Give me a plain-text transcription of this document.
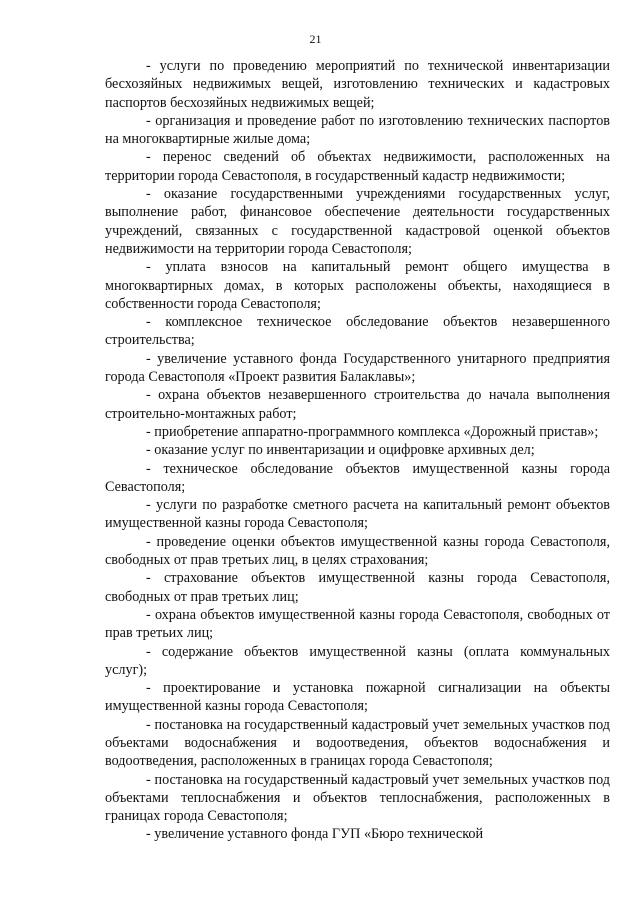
21

- услуги по проведению мероприятий по технической инвентаризации бесхозяйных недвижимых вещей, изготовлению технических и кадастровых паспортов бесхозяйных недвижимых вещей;

- организация и проведение работ по изготовлению технических паспортов на многоквартирные жилые дома;

- перенос сведений об объектах недвижимости, расположенных на территории города Севастополя, в государственный кадастр недвижимости;

- оказание государственными учреждениями государственных услуг, выполнение работ, финансовое обеспечение деятельности государственных учреждений, связанных с государственной кадастровой оценкой объектов недвижимости на территории города Севастополя;

- уплата взносов на капитальный ремонт общего имущества в многоквартирных домах, в которых расположены объекты, находящиеся в собственности города Севастополя;

- комплексное техническое обследование объектов незавершенного строительства;

- увеличение уставного фонда Государственного унитарного предприятия города Севастополя «Проект развития Балаклавы»;

- охрана объектов незавершенного строительства до начала выполнения строительно-монтажных работ;

- приобретение аппаратно-программного комплекса «Дорожный пристав»;

- оказание услуг по инвентаризации и оцифровке архивных дел;

- техническое обследование объектов имущественной казны города Севастополя;

- услуги по разработке сметного расчета на капитальный ремонт объектов имущественной казны города Севастополя;

- проведение оценки объектов имущественной казны города Севастополя, свободных от прав третьих лиц, в целях страхования;

- страхование объектов имущественной казны города Севастополя, свободных от прав третьих лиц;

- охрана объектов имущественной казны города Севастополя, свободных от прав третьих лиц;

- содержание объектов имущественной казны (оплата коммунальных услуг);

- проектирование и установка пожарной сигнализации на объекты имущественной казны города Севастополя;

- постановка на государственный кадастровый учет земельных участков под объектами водоснабжения и водоотведения, объектов водоснабжения и водоотведения, расположенных в границах города Севастополя;

- постановка на государственный кадастровый учет земельных участков под объектами теплоснабжения и объектов теплоснабжения, расположенных в границах города Севастополя;

- увеличение уставного фонда ГУП «Бюро технической
